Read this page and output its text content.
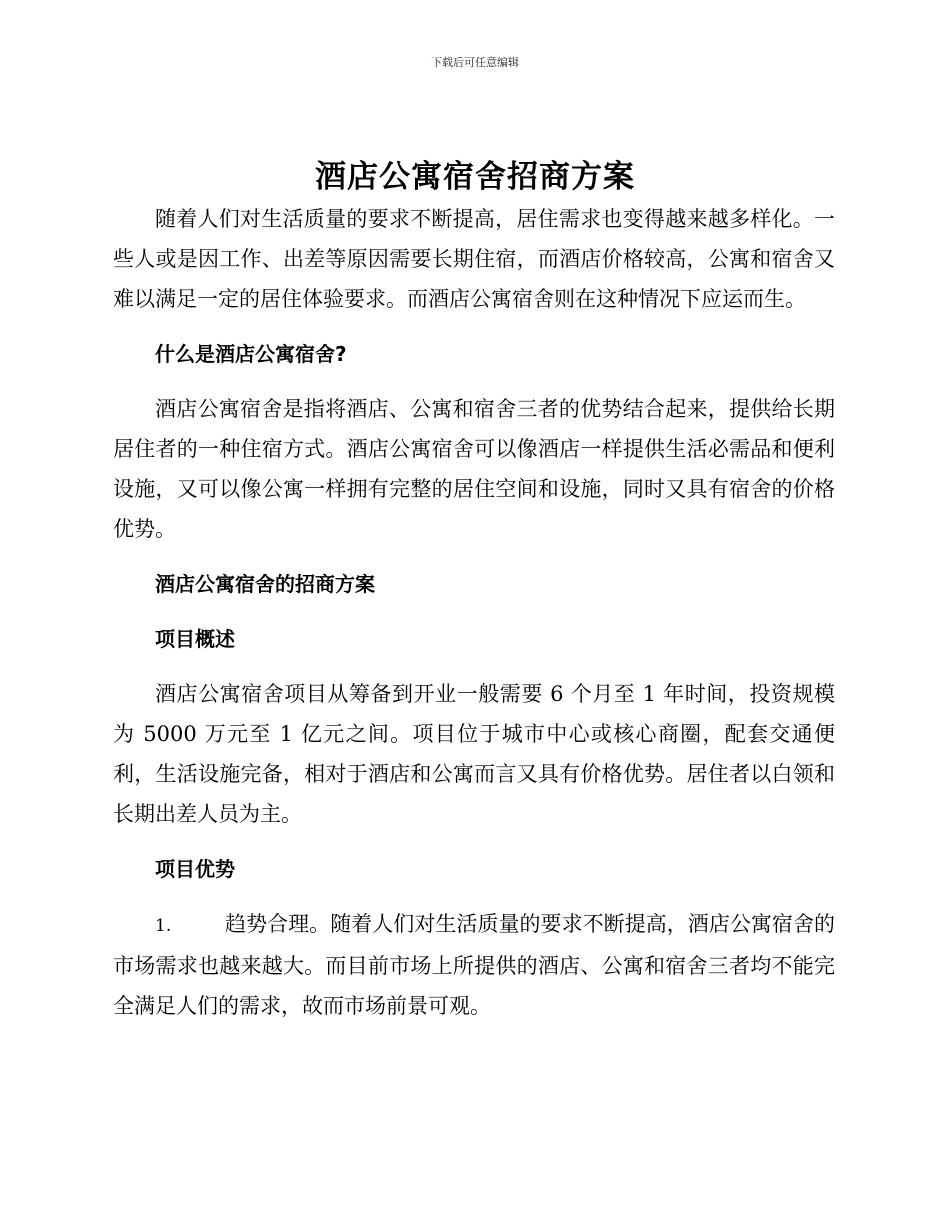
下载后可任意编辑
酒店公寓宿舍招商方案

随着人们对生活质量的要求不断提高，居住需求也变得越来越多样化。一些人或是因工作、出差等原因需要长期住宿，而酒店价格较高，公寓和宿舍又难以满足一定的居住体验要求。而酒店公寓宿舍则在这种情况下应运而生。

什么是酒店公寓宿舍?

酒店公寓宿舍是指将酒店、公寓和宿舍三者的优势结合起来，提供给长期居住者的一种住宿方式。酒店公寓宿舍可以像酒店一样提供生活必需品和便利设施，又可以像公寓一样拥有完整的居住空间和设施，同时又具有宿舍的价格优势。

酒店公寓宿舍的招商方案

项目概述

酒店公寓宿舍项目从筹备到开业一般需要 6 个月至 1 年时间，投资规模为 5000 万元至 1 亿元之间。项目位于城市中心或核心商圈，配套交通便利，生活设施完备，相对于酒店和公寓而言又具有价格优势。居住者以白领和长期出差人员为主。

项目优势

1.	趋势合理。随着人们对生活质量的要求不断提高，酒店公寓宿舍的市场需求也越来越大。而目前市场上所提供的酒店、公寓和宿舍三者均不能完全满足人们的需求，故而市场前景可观。
